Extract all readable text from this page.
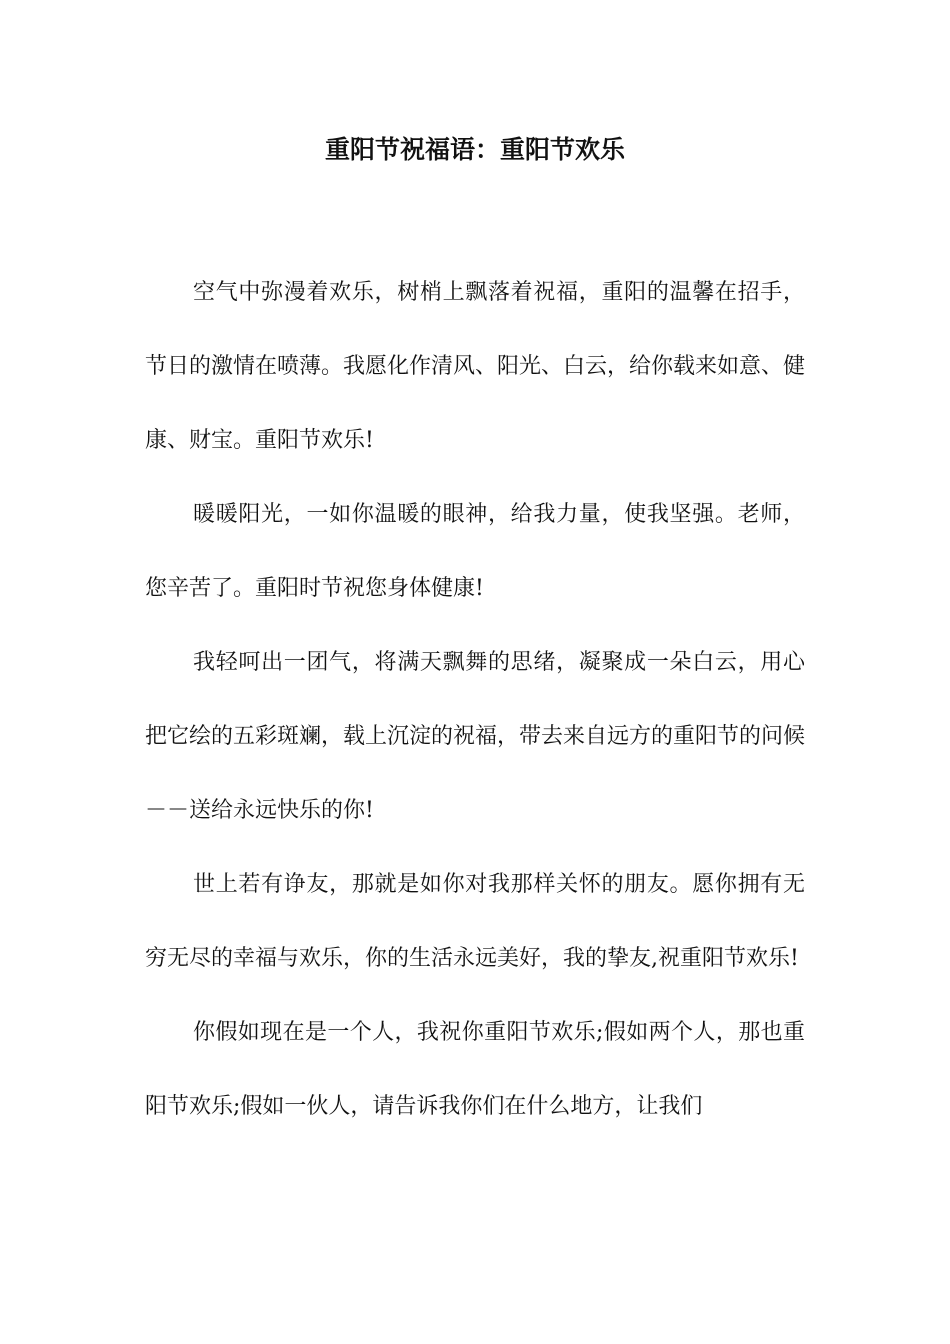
重阳节祝福语：重阳节欢乐

空气中弥漫着欢乐，树梢上飘落着祝福，重阳的温馨在招手，节日的激情在喷薄。我愿化作清风、阳光、白云，给你载来如意、健康、财宝。重阳节欢乐!

暖暖阳光，一如你温暖的眼神，给我力量，使我坚强。老师，您辛苦了。重阳时节祝您身体健康!

我轻呵出一团气，将满天飘舞的思绪，凝聚成一朵白云，用心把它绘的五彩斑斓，载上沉淀的祝福，带去来自远方的重阳节的问候－－送给永远快乐的你!

世上若有诤友，那就是如你对我那样关怀的朋友。愿你拥有无穷无尽的幸福与欢乐，你的生活永远美好，我的挚友,祝重阳节欢乐!

你假如现在是一个人，我祝你重阳节欢乐;假如两个人，那也重阳节欢乐;假如一伙人，请告诉我你们在什么地方，让我们
